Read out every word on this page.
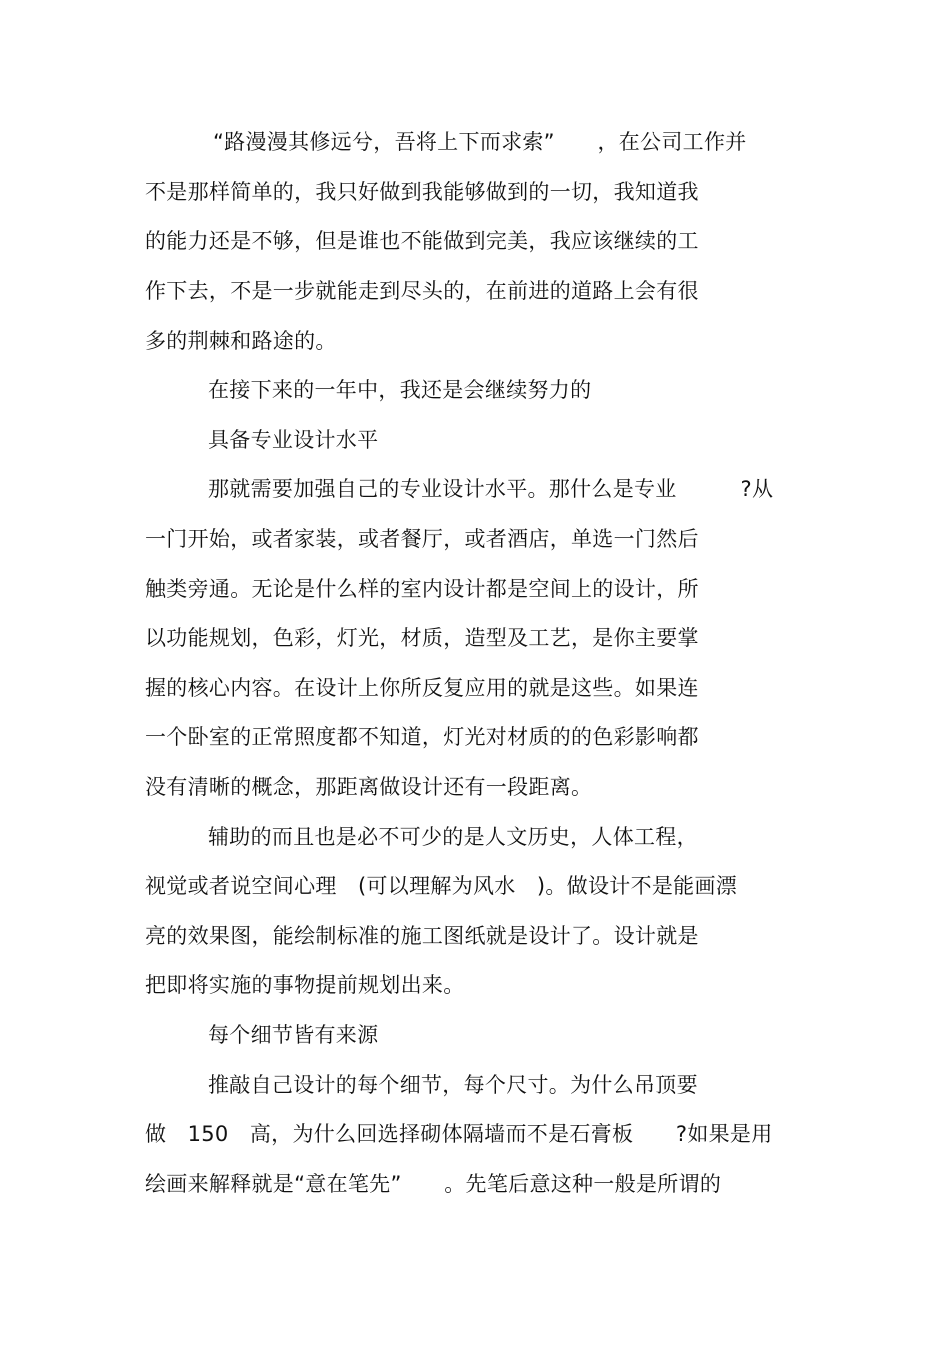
“路漫漫其修远兮，吾将上下而求索”　　，在公司工作并
不是那样简单的，我只好做到我能够做到的一切，我知道我
的能力还是不够，但是谁也不能做到完美，我应该继续的工
作下去，不是一步就能走到尽头的，在前进的道路上会有很
多的荆棘和路途的。
在接下来的一年中，我还是会继续努力的
具备专业设计水平
那就需要加强自己的专业设计水平。那什么是专业　　　?从
一门开始，或者家装，或者餐厅，或者酒店，单选一门然后
触类旁通。无论是什么样的室内设计都是空间上的设计，所
以功能规划，色彩，灯光，材质，造型及工艺，是你主要掌
握的核心内容。在设计上你所反复应用的就是这些。如果连
一个卧室的正常照度都不知道，灯光对材质的的色彩影响都
没有清晰的概念，那距离做设计还有一段距离。
辅助的而且也是必不可少的是人文历史，人体工程，
视觉或者说空间心理　(可以理解为风水　)。做设计不是能画漂
亮的效果图，能绘制标准的施工图纸就是设计了。设计就是
把即将实施的事物提前规划出来。
每个细节皆有来源
推敲自己设计的每个细节，每个尺寸。为什么吊顶要
做　150　高，为什么回选择砌体隔墙而不是石膏板　　?如果是用
绘画来解释就是“意在笔先”　　。先笔后意这种一般是所谓的
